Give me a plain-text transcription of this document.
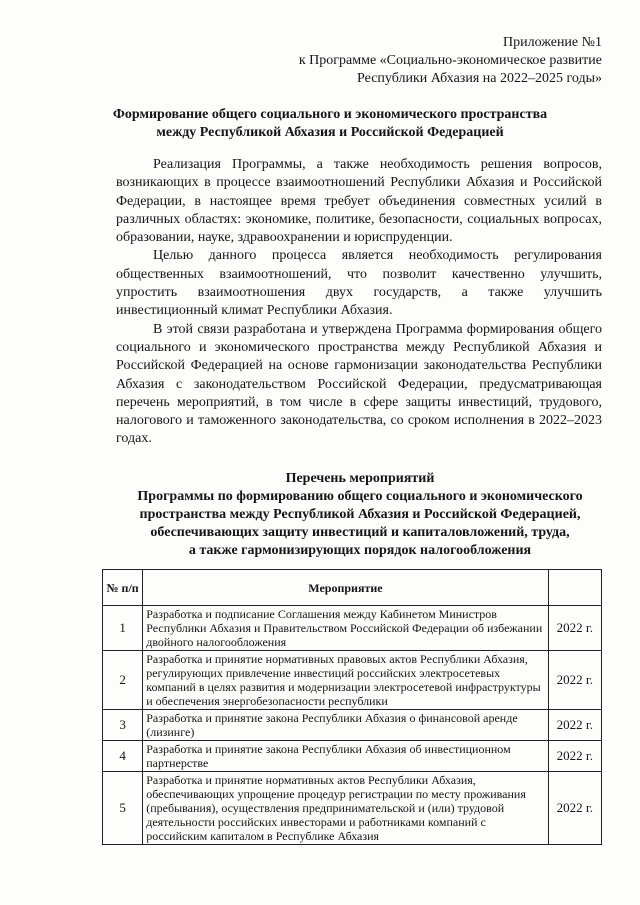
Приложение №1
к Программе «Социально-экономическое развитие
Республики Абхазия на 2022–2025 годы»
Формирование общего социального и экономического пространства
между Республикой Абхазия и Российской Федерацией

Реализация Программы, а также необходимость решения вопросов, возникающих в процессе взаимоотношений Республики Абхазия и Российской Федерации, в настоящее время требует объединения совместных усилий в различных областях: экономике, политике, безопасности, социальных вопросах, образовании, науке, здравоохранении и юриспруденции.

Целью данного процесса является необходимость регулирования общественных взаимоотношений, что позволит качественно улучшить, упростить взаимоотношения двух государств, а также улучшить инвестиционный климат Республики Абхазия.

В этой связи разработана и утверждена Программа формирования общего социального и экономического пространства между Республикой Абхазия и Российской Федерацией на основе гармонизации законодательства Республики Абхазия с законодательством Российской Федерации, предусматривающая перечень мероприятий, в том числе в сфере защиты инвестиций, трудового, налогового и таможенного законодательства, со сроком исполнения в 2022–2023 годах.

Перечень мероприятий
Программы по формированию общего социального и экономического
пространства между Республикой Абхазия и Российской Федерацией,
обеспечивающих защиту инвестиций и капиталовложений, труда,
а также гармонизирующих порядок налогообложения
№ п/п	Мероприятие	
1	Разработка и подписание Соглашения между Кабинетом Министров Республики Абхазия и Правительством Российской Федерации об избежании двойного налогообложения	2022 г.
2	Разработка и принятие нормативных правовых актов Республики Абхазия, регулирующих привлечение инвестиций российских электросетевых компаний в целях развития и модернизации электросетевой инфраструктуры и обеспечения энергобезопасности республики	2022 г.
3	Разработка и принятие закона Республики Абхазия о финансовой аренде (лизинге)	2022 г.
4	Разработка и принятие закона Республики Абхазия об инвестиционном партнерстве	2022 г.
5	Разработка и принятие нормативных актов Республики Абхазия, обеспечивающих упрощение процедур регистрации по месту проживания (пребывания), осуществления предпринимательской и (или) трудовой деятельности российских инвесторами и работниками компаний с российским капиталом в Республике Абхазия	2022 г.
